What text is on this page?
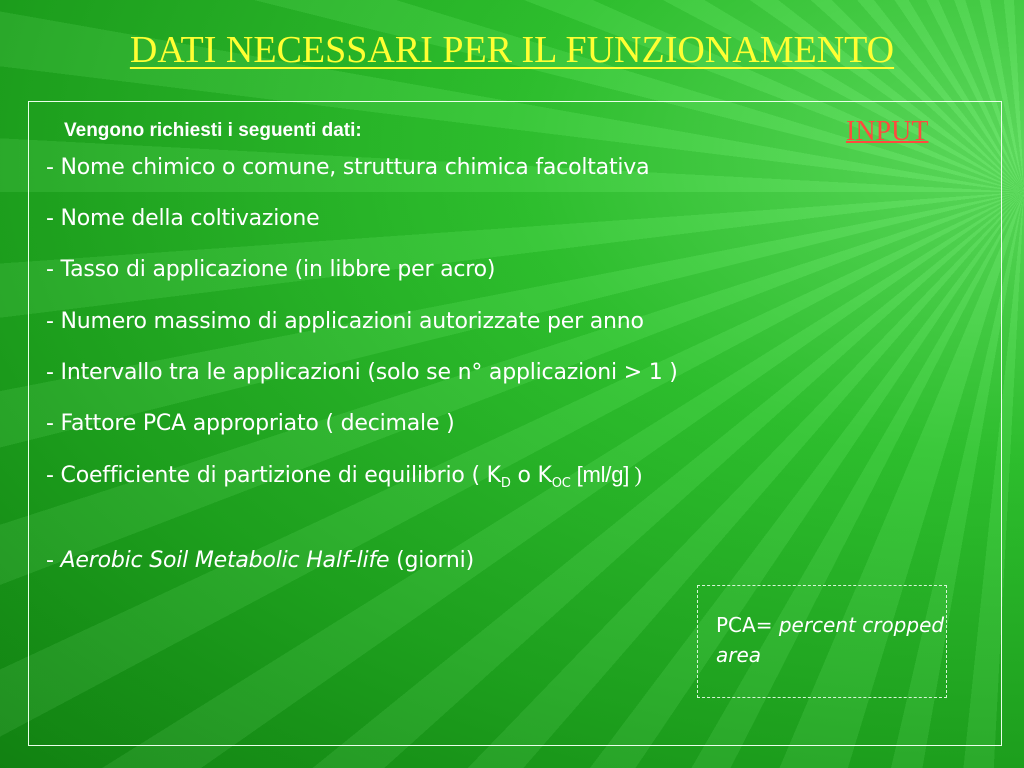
DATI NECESSARI PER IL FUNZIONAMENTO
Vengono richiesti i seguenti dati:	INPUT
- Nome chimico o comune, struttura chimica facoltativa
- Nome della coltivazione
- Tasso di applicazione (in libbre per acro)
- Numero massimo di applicazioni autorizzate per anno
- Intervallo tra le applicazioni (solo se n° applicazioni > 1 )
- Fattore PCA appropriato ( decimale )
- Coefficiente di partizione di equilibrio ( $K_D$ o $K_{OC}$ [ml/g] )
- Aerobic Soil Metabolic Half-life (giorni)
PCA= percent cropped area
